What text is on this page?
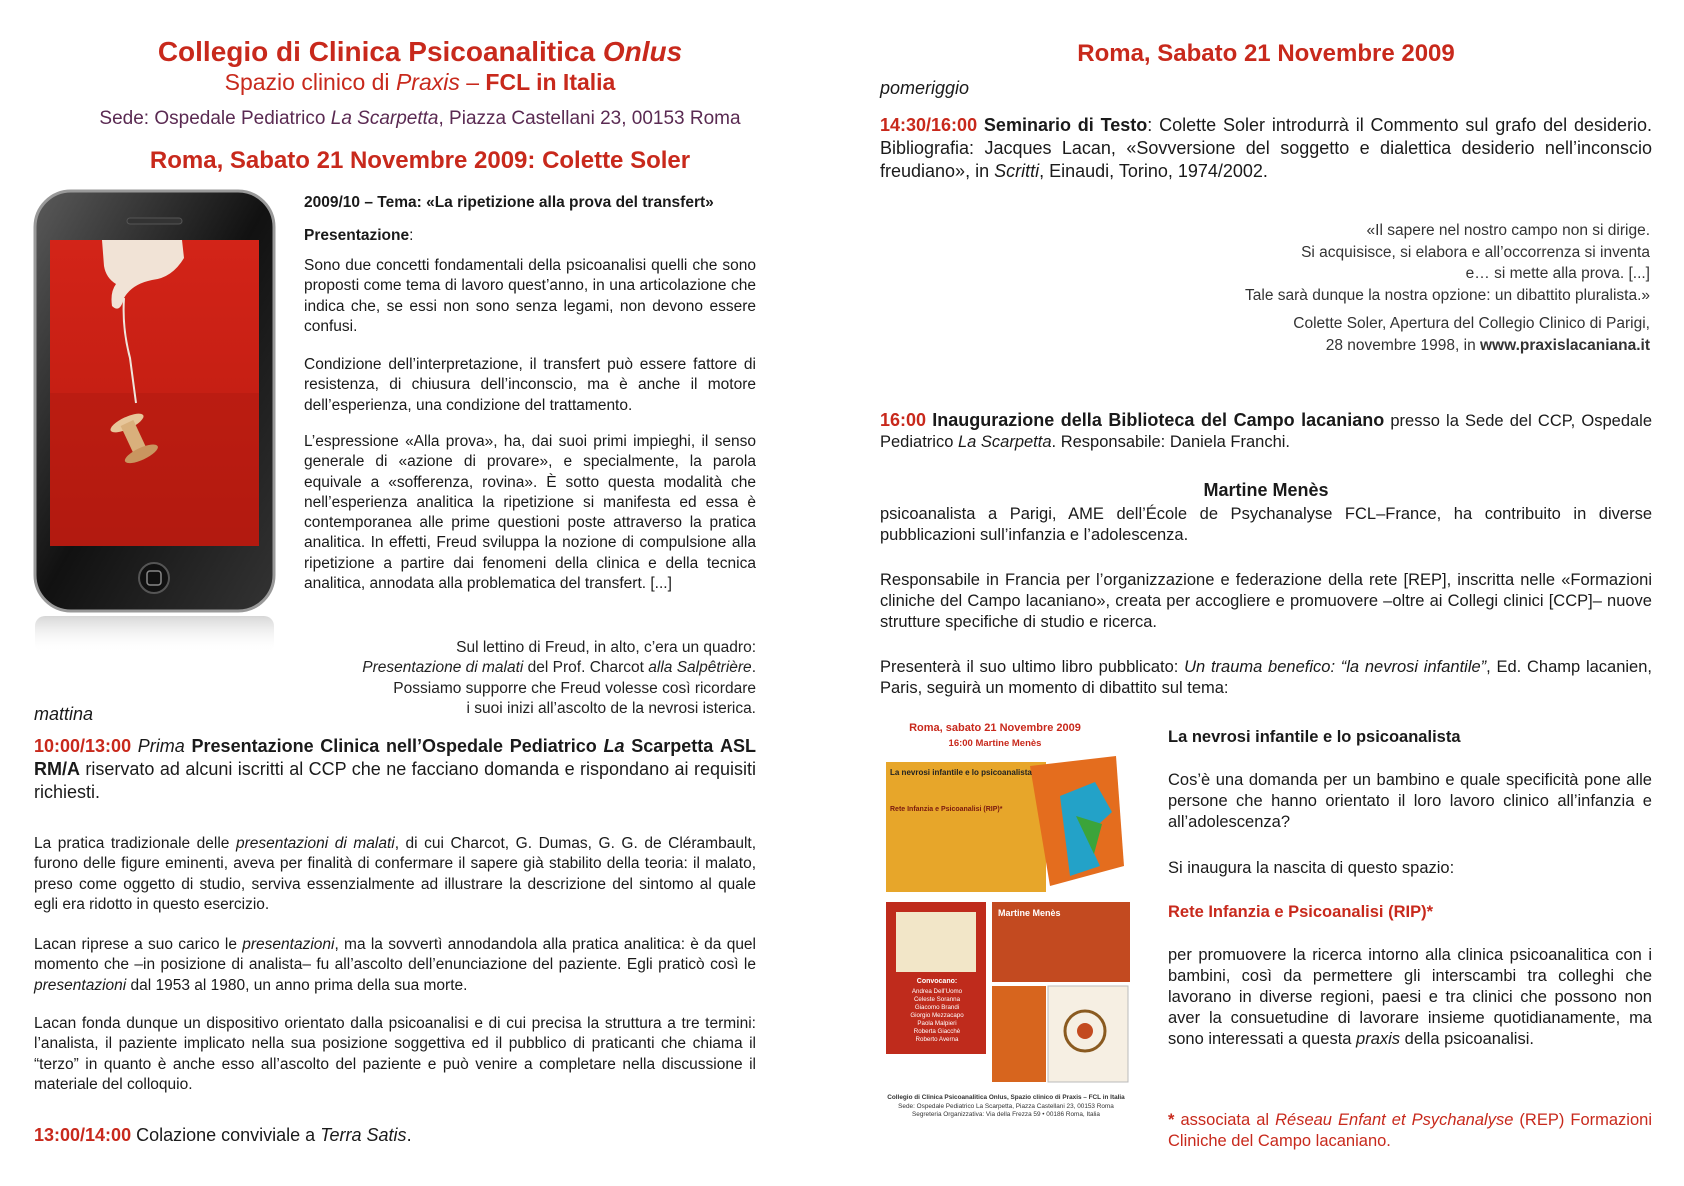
Collegio di Clinica Psicoanalitica Onlus
Spazio clinico di Praxis – FCL in Italia
Sede: Ospedale Pediatrico La Scarpetta, Piazza Castellani 23, 00153 Roma
Roma, Sabato 21 Novembre 2009: Colette Soler
2009/10 – Tema: «La ripetizione alla prova del transfert»
Presentazione:

Sono due concetti fondamentali della psicoanalisi quelli che sono proposti come tema di lavoro quest’anno, in una articolazione che indica che, se essi non sono senza legami, non devono essere confusi.

Condizione dell’interpretazione, il transfert può essere fattore di resistenza, di chiusura dell’inconscio, ma è anche il motore dell’esperienza, una condizione del trattamento.

L’espressione «Alla prova», ha, dai suoi primi impieghi, il senso generale di «azione di provare», e specialmente, la parola equivale a «sofferenza, rovina». È sotto questa modalità che nell’esperienza analitica la ripetizione si manifesta ed essa è contemporanea alle prime questioni poste attraverso la pratica analitica. In effetti, Freud sviluppa la nozione di compulsione alla ripetizione a partire dai fenomeni della clinica e della tecnica analitica, annodata alla problematica del transfert. [...]

Sul lettino di Freud, in alto, c’era un quadro:
Presentazione di malati del Prof. Charcot alla Salpêtrière.
Possiamo supporre che Freud volesse così ricordare
i suoi inizi all’ascolto de la nevrosi isterica.
mattina

10:00/13:00 Prima Presentazione Clinica nell’Ospedale Pediatrico La Scarpetta ASL RM/A riservato ad alcuni iscritti al CCP che ne facciano domanda e rispondano ai requisiti richiesti.

La pratica tradizionale delle presentazioni di malati, di cui Charcot, G. Dumas, G. G. de Clérambault, furono delle figure eminenti, aveva per finalità di confermare il sapere già stabilito della teoria: il malato, preso come oggetto di studio, serviva essenzialmente ad illustrare la descrizione del sintomo al quale egli era ridotto in questo esercizio.

Lacan riprese a suo carico le presentazioni, ma la sovvertì annodandola alla pratica analitica: è da quel momento che –in posizione di analista– fu all’ascolto dell’enunciazione del paziente. Egli praticò così le presentazioni dal 1953 al 1980, un anno prima della sua morte.

Lacan fonda dunque un dispositivo orientato dalla psicoanalisi e di cui precisa la struttura a tre termini: l’analista, il paziente implicato nella sua posizione soggettiva ed il pubblico di praticanti che chiama il “terzo” in quanto è anche esso all’ascolto del paziente e può venire a completare nella discussione il materiale del colloquio.

13:00/14:00 Colazione conviviale a Terra Satis.

Roma, Sabato 21 Novembre 2009
pomeriggio

14:30/16:00 Seminario di Testo: Colette Soler introdurrà il Commento sul grafo del desiderio. Bibliografia: Jacques Lacan, «Sovversione del soggetto e dialettica desiderio nell’inconscio freudiano», in Scritti, Einaudi, Torino, 1974/2002.

«Il sapere nel nostro campo non si dirige.
Si acquisisce, si elabora e all’occorrenza si inventa
e… si mette alla prova. [...]
Tale sarà dunque la nostra opzione: un dibattito pluralista.»
Colette Soler, Apertura del Collegio Clinico di Parigi,
28 novembre 1998, in www.praxislacaniana.it

16:00 Inaugurazione della Biblioteca del Campo lacaniano presso la Sede del CCP, Ospedale Pediatrico La Scarpetta. Responsabile: Daniela Franchi.

Martine Menès

psicoanalista a Parigi, AME dell’École de Psychanalyse FCL–France, ha contribuito in diverse pubblicazioni sull’infanzia e l’adolescenza.

Responsabile in Francia per l’organizzazione e federazione della rete [REP], inscritta nelle «Formazioni cliniche del Campo lacaniano», creata per accogliere e promuovere –oltre ai Collegi clinici [CCP]– nuove strutture specifiche di studio e ricerca.

Presenterà il suo ultimo libro pubblicato: Un trauma benefico: “la nevrosi infantile”, Ed. Champ lacanien, Paris, seguirà un momento di dibattito sul tema:

Roma, sabato 21 Novembre 2009
16:00 Martine Menès
La nevrosi infantile e lo psicoanalista
Rete Infanzia e Psicoanalisi (RIP)*
Martine Menès
Convocano:
Andrea Dell’Uomo
Celeste Soranna
Giacomo Brandi
Giorgio Mezzacapo
Paola Malpieri
Roberta Giacchè
Roberto Averna
Collegio di Clinica Psicoanalitica Onlus, Spazio clinico di Praxis – FCL in Italia
Sede: Ospedale Pediatrico La Scarpetta, Piazza Castellani 23, 00153 Roma
Segreteria Organizzativa: Via della Frezza 59 • 00186 Roma, Italia
La nevrosi infantile e lo psicoanalista

Cos’è una domanda per un bambino e quale specificità pone alle persone che hanno orientato il loro lavoro clinico all’infanzia e all’adolescenza?

Si inaugura la nascita di questo spazio:

Rete Infanzia e Psicoanalisi (RIP)*

per promuovere la ricerca intorno alla clinica psicoanalitica con i bambini, così da permettere gli interscambi tra colleghi che lavorano in diverse regioni, paesi e tra clinici che possono non aver la consuetudine di lavorare insieme quotidianamente, ma sono interessati a questa praxis della psicoanalisi.

* associata al Réseau Enfant et Psychanalyse (REP) Formazioni Cliniche del Campo lacaniano.
